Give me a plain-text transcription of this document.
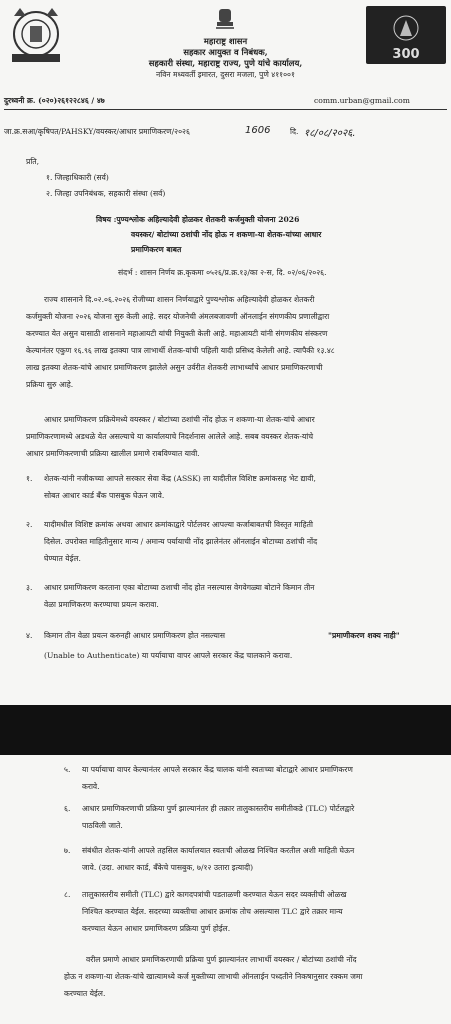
300
महाराष्ट्र शासन
सहकार आयुक्त व निबंधक,
सहकारी संस्था, महाराष्ट्र राज्य, पुणे यांचे कार्यालय,
नविन मध्यवर्ती इमारत, दुसरा मजला, पुणे ४११००१
दुरध्वनी क्र. (०२०)२६१२२८४६ / ४७	comm.urban@gmail.com
जा.क्र.सआ/कृषिपत/PAHSKY/वयस्कर/आधार प्रमाणिकरण/२०२६	1606	दि. १८/०८/२०२६.
प्रति,
१. जिल्हाधिकारी (सर्व)
२. जिल्हा उपनिबंधक, सहकारी संस्था (सर्व)
विषय :पुण्यश्लोक अहिल्यादेवी होळकर शेतकरी कर्जमुक्ती योजना 2026
वयस्कर/ बोटांच्या ठशांची नोंद होऊ न शकणा-या शेतक-यांच्या आधार
प्रमाणिकरण बाबत
संदर्भ : शासन निर्णय क्र.कृकमा ०५२६/प्र.क्र.१३/का २-स, दि. ०२/०६/२०२६.
राज्य शासनाने दि.०२.०६.२०२६ रोजीच्या शासन निर्णयाद्वारे पुण्यश्लोक अहिल्यादेवी होळकर शेतकरी
कर्जमुक्ती योजना २०२६ योजना सुरु केली आहे. सदर योजनेची अंमलबजावणी ऑनलाईन संगणकीय प्रणालीद्वारा
करण्यात येत असुन यासाठी शासनाने महाआयटी यांची नियुक्ती केली आहे. महाआयटी यांनी संगणकीय संस्करण
केल्यानंतर एकुण १६.९६ लाख इतक्या पात्र लाभार्थी शेतक-यांची पहिली यादी प्रसिध्द केलेली आहे. त्यापैकी १३.४८
लाख इतक्या शेतक-यांचे आधार प्रमाणिकरण झालेले असुन उर्वरीत शेतकरी लाभार्थ्यांचे आधार प्रमाणिकरणाची
प्रक्रिया सुरु आहे.
आधार प्रमाणिकरण प्रक्रियेमध्ये वयस्कर / बोटांच्या ठशांची नोंद होऊ न शकणा-या शेतक-यांचे आधार
प्रमाणिकरणामध्ये अडथळे येत असल्याचे या कार्यालयाचे निदर्शनास आलेले आहे. सबब वयस्कर शेतक-यांचे
आधार प्रमाणिकरणाची प्रक्रिया खालील प्रमाणे राबविण्यात यावी.
१. शेतक-यांनी नजीकच्या आपले सरकार सेवा केंद्र (ASSK) ला यादीतील विशिष्ट क्रमांकसह भेट द्यावी,
सोबत आधार कार्ड बँक पासबुक घेऊन जावे.
२. यादीमधील विशिष्ट क्रमांक अथवा आधार क्रमांकाद्वारे पोर्टलवर आपल्या कर्जाबाबतची विस्तृत माहिती
दिसेल. उपरोक्त माहितीनुसार मान्य / अमान्य पर्यायाची नोंद झालेनंतर ऑनलाईन बोटाच्या ठशांची नोंद
घेण्यात येईल.
३. आधार प्रमाणिकरण करताना एका बोटाच्या ठशाची नोंद होत नसल्यास वेगवेगळ्या बोटाने किमान तीन
वेळा प्रमाणिकरण करण्याचा प्रयत्न करावा.
४. किमान तीन वेळा प्रयत्न करुनही आधार प्रमाणिकरण होत नसल्यास	"प्रमाणीकरण शक्य नाही"
(Unable to Authenticate) या पर्यायाचा वापर आपले सरकार केंद्र चालकाने करावा.
५. या पर्यायाचा वापर केल्यानंतर आपले सरकार केंद्र चालक यांनी स्वतःच्या बोटाद्वारे आधार प्रमाणिकरण
करावे.
६. आधार प्रमाणिकरणाची प्रक्रिया पुर्ण झाल्यानंतर ही तक्रार तालुकास्तरीय समीतीकडे (TLC) पोर्टलद्वारे
पाठविली जाते.
७. संबंधीत शेतक-यांनी आपले तहसिल कार्यालयात स्वतःची ओळख निश्चित करतील अशी माहिती घेऊन
जावे. (उदा. आधार कार्ड, बँकेचे पासबुक, ७/१२ उतारा इत्यादी)
८. तालुकास्तरीय समीती (TLC) द्वारे कागदपत्रांची पडताळणी करण्यात येऊन सदर व्यक्तीची ओळख
निश्चित करण्यात येईल. सदरच्या व्यक्तीचा आधार क्रमांक तोच असल्यास TLC द्वारे तक्रार मान्य
करण्यात येऊन आधार प्रमाणिकरण प्रक्रिया पुर्ण होईल.
वरील प्रमाणे आधार प्रमाणिकरणाची प्रक्रिया पुर्ण झाल्यानंतर लाभार्थी वयस्कर / बोटांच्या ठशांची नोंद
होऊ न शकणा-या शेतक-यांचे खात्यामध्ये कर्ज मुक्तीच्या लाभाची ऑनलाईन पध्दतीने निकषानुसार रक्कम जमा
करण्यात येईल.
